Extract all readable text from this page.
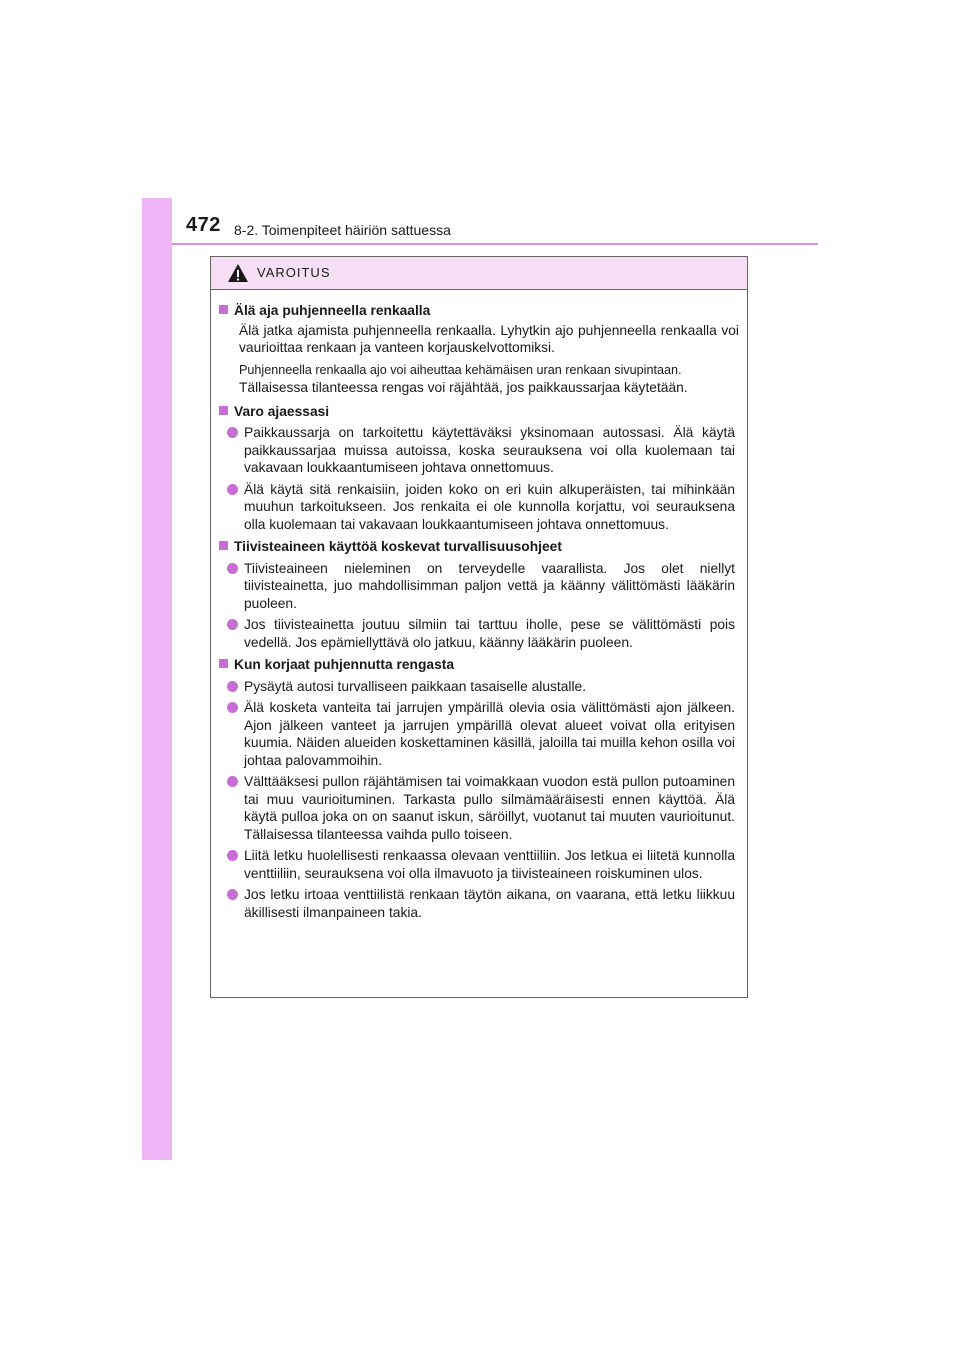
472 8-2. Toimenpiteet häiriön sattuessa
VAROITUS
Älä aja puhjenneella renkaalla
Älä jatka ajamista puhjenneella renkaalla. Lyhytkin ajo puhjenneella renkaalla voi vaurioittaa renkaan ja vanteen korjauskelvottomiksi.
Puhjenneella renkaalla ajo voi aiheuttaa kehämäisen uran renkaan sivupintaan.
Tällaisessa tilanteessa rengas voi räjähtää, jos paikkaussarjaa käytetään.
Varo ajaessasi
Paikkaussarja on tarkoitettu käytettäväksi yksinomaan autossasi. Älä käytä paikkaussarjaa muissa autoissa, koska seurauksena voi olla kuolemaan tai vakavaan loukkaantumiseen johtava onnettomuus.
Älä käytä sitä renkaisiin, joiden koko on eri kuin alkuperäisten, tai mihinkään muuhun tarkoitukseen. Jos renkaita ei ole kunnolla korjattu, voi seurauksena olla kuolemaan tai vakavaan loukkaantumiseen johtava onnettomuus.
Tiivisteaineen käyttöä koskevat turvallisuusohjeet
Tiivisteaineen nieleminen on terveydelle vaarallista. Jos olet niellyt tiivisteainetta, juo mahdollisimman paljon vettä ja käänny välittömästi lääkärin puoleen.
Jos tiivisteainetta joutuu silmiin tai tarttuu iholle, pese se välittömästi pois vedellä. Jos epämiellyttävä olo jatkuu, käänny lääkärin puoleen.
Kun korjaat puhjennutta rengasta
Pysäytä autosi turvalliseen paikkaan tasaiselle alustalle.
Älä kosketa vanteita tai jarrujen ympärillä olevia osia välittömästi ajon jälkeen. Ajon jälkeen vanteet ja jarrujen ympärillä olevat alueet voivat olla erityisen kuumia. Näiden alueiden koskettaminen käsillä, jaloilla tai muilla kehon osilla voi johtaa palovammoihin.
Välttääksesi pullon räjähtämisen tai voimakkaan vuodon estä pullon putoaminen tai muu vaurioituminen. Tarkasta pullo silmämääräisesti ennen käyttöä. Älä käytä pulloa joka on on saanut iskun, säröillyt, vuotanut tai muuten vaurioitunut. Tällaisessa tilanteessa vaihda pullo toiseen.
Liitä letku huolellisesti renkaassa olevaan venttiiliin. Jos letkua ei liitetä kunnolla venttiiliin, seurauksena voi olla ilmavuoto ja tiivisteaineen roiskuminen ulos.
Jos letku irtoaa venttiilistä renkaan täytön aikana, on vaarana, että letku liikkuu äkillisesti ilmanpaineen takia.
